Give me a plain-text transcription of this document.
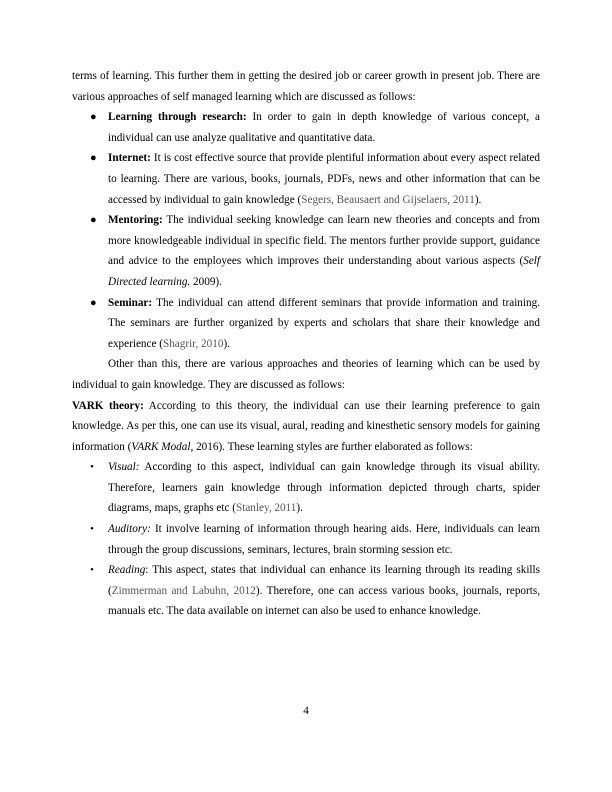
terms of learning. This further them in getting the desired job or career growth in present job. There are various approaches of self managed learning which are discussed as follows:

●	Learning through research: In order to gain in depth knowledge of various concept, a individual can use analyze qualitative and quantitative data.
●	Internet: It is cost effective source that provide plentiful information about every aspect related to learning. There are various, books, journals, PDFs, news and other information that can be accessed by individual to gain knowledge (Segers, Beausaert and Gijselaers, 2011).
●	Mentoring: The individual seeking knowledge can learn new theories and concepts and from more knowledgeable individual in specific field. The mentors further provide support, guidance and advice to the employees which improves their understanding about various aspects (Self Directed learning. 2009).
●	Seminar: The individual can attend different seminars that provide information and training. The seminars are further organized by experts and scholars that share their knowledge and experience (Shagrir, 2010).

Other than this, there are various approaches and theories of learning which can be used by individual to gain knowledge. They are discussed as follows:

VARK theory: According to this theory, the individual can use their learning preference to gain knowledge. As per this, one can use its visual, aural, reading and kinesthetic sensory models for gaining information (VARK Modal, 2016). These learning styles are further elaborated as follows:

•	Visual: According to this aspect, individual can gain knowledge through its visual ability. Therefore, learners gain knowledge through information depicted through charts, spider diagrams, maps, graphs etc (Stanley, 2011).
•	Auditory: It involve learning of information through hearing aids. Here, individuals can learn through the group discussions, seminars, lectures, brain storming session etc.
•	Reading: This aspect, states that individual can enhance its learning through its reading skills (Zimmerman and Labuhn, 2012). Therefore, one can access various books, journals, reports, manuals etc. The data available on internet can also be used to enhance knowledge.
4
